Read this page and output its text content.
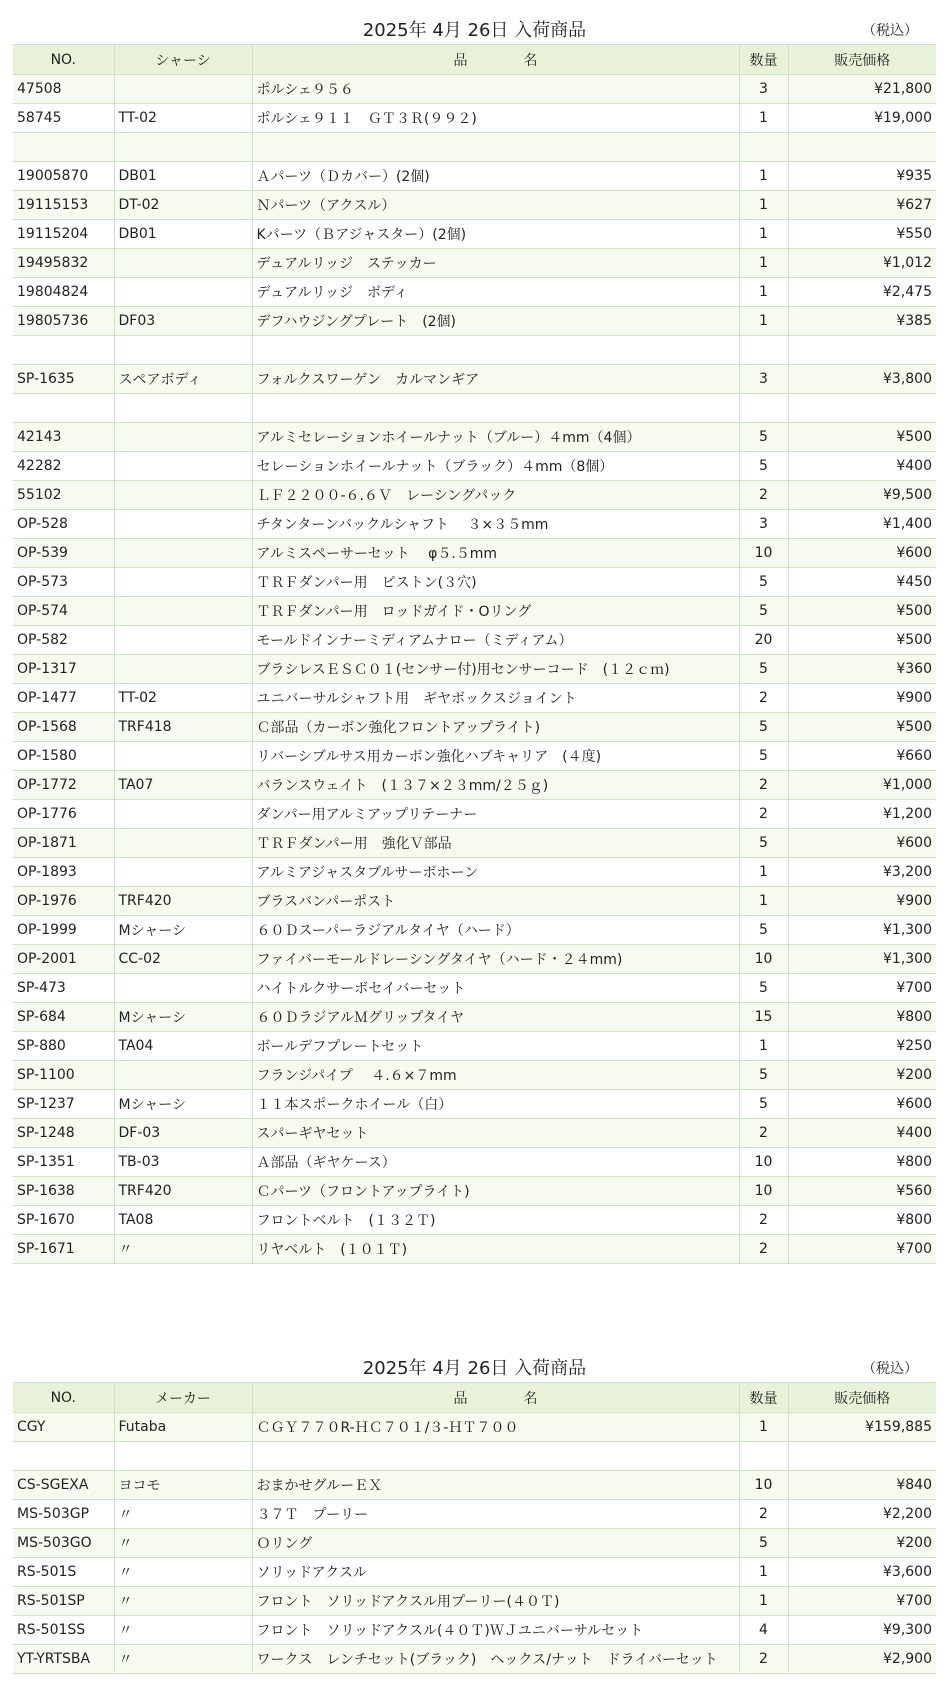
2025年 4月 26日 入荷商品	（税込）
NO.	シャーシ	品　　　　名	数量	販売価格
47508		ポルシェ９５６	3	¥21,800
58745	TT-02	ポルシェ９１１　ＧＴ３Ｒ(９９２)	1	¥19,000

19005870	DB01	Ａパーツ（Ｄカバー）(2個)	1	¥935
19115153	DT-02	Ｎパーツ（アクスル）	1	¥627
19115204	DB01	Kパーツ（Ｂアジャスター）(2個)	1	¥550
19495832		デュアルリッジ　ステッカー	1	¥1,012
19804824		デュアルリッジ　ボディ	1	¥2,475
19805736	DF03	デフハウジングプレート　(2個)	1	¥385

SP-1635	スペアボディ	フォルクスワーゲン　カルマンギア	3	¥3,800

42143		アルミセレーションホイールナット（ブルー）４mm（4個）	5	¥500
42282		セレーションホイールナット（ブラック）４mm（8個）	5	¥400
55102		ＬＦ２２００-６.６Ｖ　レーシングパック	2	¥9,500
OP-528		チタンターンバックルシャフト　 ３×３５mm	3	¥1,400
OP-539		アルミスペーサーセット　 φ５.５mm	10	¥600
OP-573		ＴＲＦダンパー用　ピストン(３穴)	5	¥450
OP-574		ＴＲＦダンパー用　ロッドガイド・Oリング	5	¥500
OP-582		モールドインナーミディアムナロー（ミディアム）	20	¥500
OP-1317		ブラシレスＥＳＣ０１(センサー付)用センサーコード　(１２ｃｍ)	5	¥360
OP-1477	TT-02	ユニバーサルシャフト用　ギヤボックスジョイント	2	¥900
OP-1568	TRF418	Ｃ部品（カーボン強化フロントアップライト)	5	¥500
OP-1580		リバーシブルサス用カーボン強化ハブキャリア　(４度)	5	¥660
OP-1772	TA07	バランスウェイト　(１３７×２３mm/２５ｇ)	2	¥1,000
OP-1776		ダンパー用アルミアップリテーナー	2	¥1,200
OP-1871		ＴＲＦダンパー用　強化Ｖ部品	5	¥600
OP-1893		アルミアジャスタブルサーボホーン	1	¥3,200
OP-1976	TRF420	ブラスバンパーポスト	1	¥900
OP-1999	Mシャーシ	６０Ｄスーパーラジアルタイヤ（ハード）	5	¥1,300
OP-2001	CC-02	ファイバーモールドレーシングタイヤ（ハード・２４mm)	10	¥1,300
SP-473		ハイトルクサーボセイバーセット	5	¥700
SP-684	Mシャーシ	６０ＤラジアルＭグリップタイヤ	15	¥800
SP-880	TA04	ボールデフプレートセット	1	¥250
SP-1100		フランジパイプ　 ４.６×７mm	5	¥200
SP-1237	Mシャーシ	１１本スポークホイール（白）	5	¥600
SP-1248	DF-03	スパーギヤセット	2	¥400
SP-1351	TB-03	Ａ部品（ギヤケース）	10	¥800
SP-1638	TRF420	Ｃパーツ（フロントアップライト)	10	¥560
SP-1670	TA08	フロントベルト　(１３２Ｔ)	2	¥800
SP-1671	〃	リヤベルト　(１０１Ｔ)	2	¥700
2025年 4月 26日 入荷商品	（税込）
NO.	メーカー	品　　　　名	数量	販売価格
CGY	Futaba	ＣＧＹ７７０R-ＨＣ７０１/３-ＨＴ７００	1	¥159,885

CS-SGEXA	ヨコモ	おまかせグルーＥＸ	10	¥840
MS-503GP	〃	３７Ｔ　プーリー	2	¥2,200
MS-503GO	〃	Ｏリング	5	¥200
RS-501S	〃	ソリッドアクスル	1	¥3,600
RS-501SP	〃	フロント　ソリッドアクスル用プーリー(４０Ｔ)	1	¥700
RS-501SS	〃	フロント　ソリッドアクスル(４０Ｔ)ＷＪユニバーサルセット	4	¥9,300
YT-YRTSBA	〃	ワークス　レンチセット(ブラック)　ヘックス/ナット　ドライバーセット	2	¥2,900
